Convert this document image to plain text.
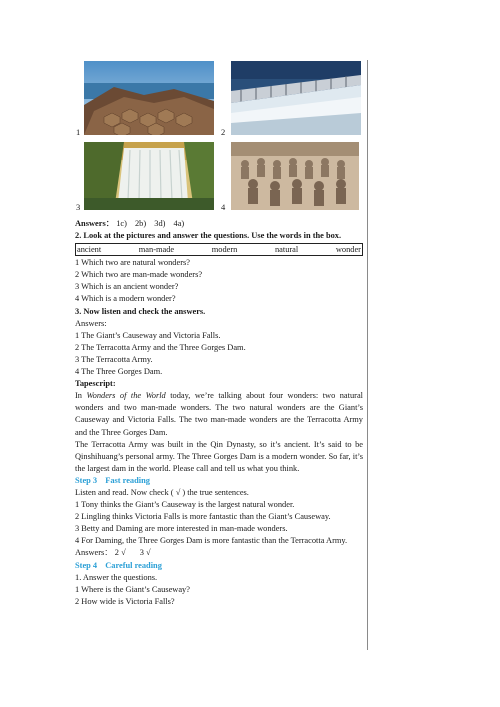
1	2
3	4
Answers： 1c) 2b) 3d) 4a)
2. Look at the pictures and answer the questions. Use the words in the box.
ancient	man-made	modern	natural	wonder
1 Which two are natural wonders?
2 Which two are man-made wonders?
3 Which is an ancient wonder?
4 Which is a modern wonder?
3. Now listen and check the answers.
Answers:
1 The Giant’s Causeway and Victoria Falls.
2 The Terracotta Army and the Three Gorges Dam.
3 The Terracotta Army.
4 The Three Gorges Dam.
Tapescript:
In Wonders of the World today, we’re talking about four wonders: two natural wonders and two man-made wonders. The two natural wonders are the Giant’s Causeway and Victoria Falls. The two man-made wonders are the Terracotta Army and the Three Gorges Dam.
The Terracotta Army was built in the Qin Dynasty, so it’s ancient. It’s said to be Qinshihuang’s personal army. The Three Gorges Dam is a modern wonder. So far, it’s the largest dam in the world. Please call and tell us what you think.
Step 3 Fast reading
Listen and read. Now check ( √ ) the true sentences.
1 Tony thinks the Giant’s Causeway is the largest natural wonder.
2 Lingling thinks Victoria Falls is more fantastic than the Giant’s Causeway.
3 Betty and Daming are more interested in man-made wonders.
4 For Daming, the Three Gorges Dam is more fantastic than the Terracotta Army.
Answers： 2 √ 3 √
Step 4 Careful reading
1. Answer the questions.
1 Where is the Giant’s Causeway?
2 How wide is Victoria Falls?
